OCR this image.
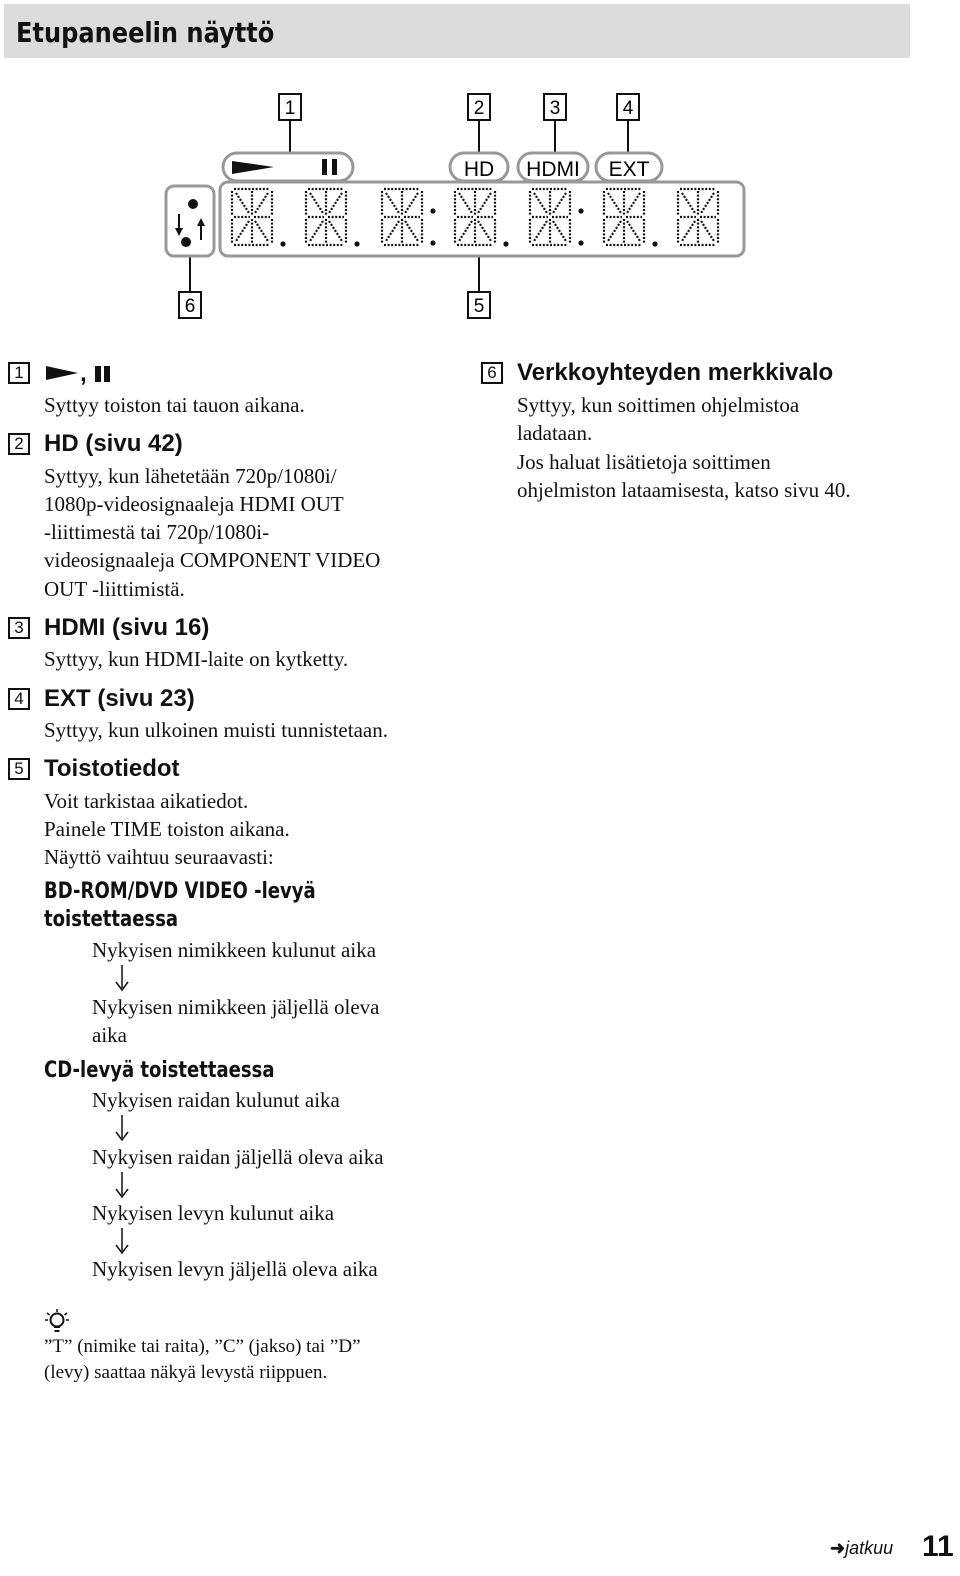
Etupaneelin näyttö
1	2	3	4
6	5
HD HDMI EXT
1	,
Syttyy toiston tai tauon aikana.
2 HD (sivu 42)
Syttyy, kun lähetetään 720p/1080i/
1080p-videosignaaleja HDMI OUT
-liittimestä tai 720p/1080i-
videosignaaleja COMPONENT VIDEO
OUT -liittimistä.
3 HDMI (sivu 16)
Syttyy, kun HDMI-laite on kytketty.
4 EXT (sivu 23)
Syttyy, kun ulkoinen muisti tunnistetaan.
5 Toistotiedot
Voit tarkistaa aikatiedot.
Painele TIME toiston aikana.
Näyttö vaihtuu seuraavasti:
BD-ROM/DVD VIDEO -levyä
toistettaessa
Nykyisen nimikkeen kulunut aika
Nykyisen nimikkeen jäljellä oleva
aika
CD-levyä toistettaessa
Nykyisen raidan kulunut aika
Nykyisen raidan jäljellä oleva aika
Nykyisen levyn kulunut aika
Nykyisen levyn jäljellä oleva aika
”T” (nimike tai raita), ”C” (jakso) tai ”D”
(levy) saattaa näkyä levystä riippuen.
6 Verkkoyhteyden merkkivalo
Syttyy, kun soittimen ohjelmistoa
ladataan.
Jos haluat lisätietoja soittimen
ohjelmiston lataamisesta, katso sivu 40.
➜jatkuu 11
